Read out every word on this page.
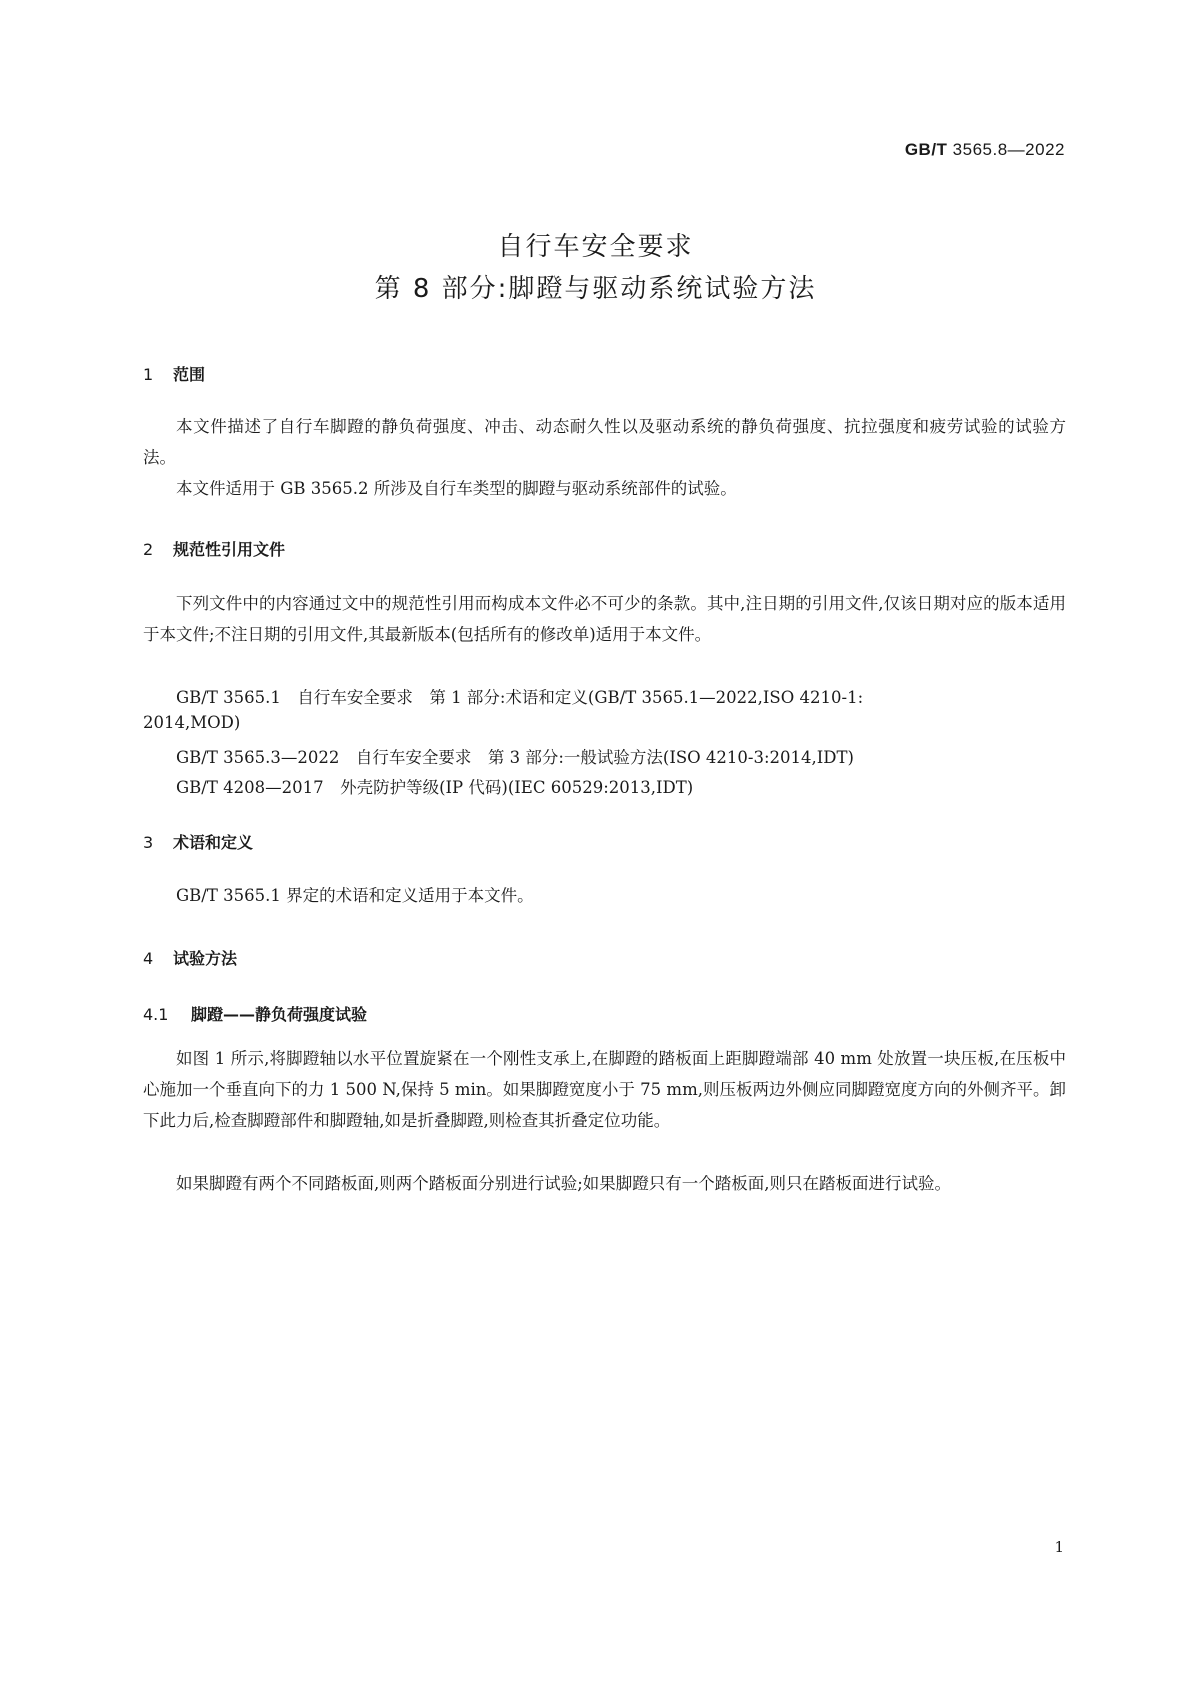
GB/T 3565.8—2022
自行车安全要求
第 8 部分:脚蹬与驱动系统试验方法
1 范围
本文件描述了自行车脚蹬的静负荷强度、冲击、动态耐久性以及驱动系统的静负荷强度、抗拉强度和疲劳试验的试验方法。
本文件适用于 GB 3565.2 所涉及自行车类型的脚蹬与驱动系统部件的试验。
2 规范性引用文件
下列文件中的内容通过文中的规范性引用而构成本文件必不可少的条款。其中,注日期的引用文件,仅该日期对应的版本适用于本文件;不注日期的引用文件,其最新版本(包括所有的修改单)适用于本文件。
GB/T 3565.1　自行车安全要求　第 1 部分:术语和定义(GB/T 3565.1—2022,ISO 4210-1:
2014,MOD)
GB/T 3565.3—2022　自行车安全要求　第 3 部分:一般试验方法(ISO 4210-3:2014,IDT)
GB/T 4208—2017　外壳防护等级(IP 代码)(IEC 60529:2013,IDT)
3 术语和定义
GB/T 3565.1 界定的术语和定义适用于本文件。
4 试验方法
4.1 脚蹬——静负荷强度试验
如图 1 所示,将脚蹬轴以水平位置旋紧在一个刚性支承上,在脚蹬的踏板面上距脚蹬端部 40 mm 处放置一块压板,在压板中心施加一个垂直向下的力 1 500 N,保持 5 min。如果脚蹬宽度小于 75 mm,则压板两边外侧应同脚蹬宽度方向的外侧齐平。卸下此力后,检查脚蹬部件和脚蹬轴,如是折叠脚蹬,则检查其折叠定位功能。
如果脚蹬有两个不同踏板面,则两个踏板面分别进行试验;如果脚蹬只有一个踏板面,则只在踏板面进行试验。
1
